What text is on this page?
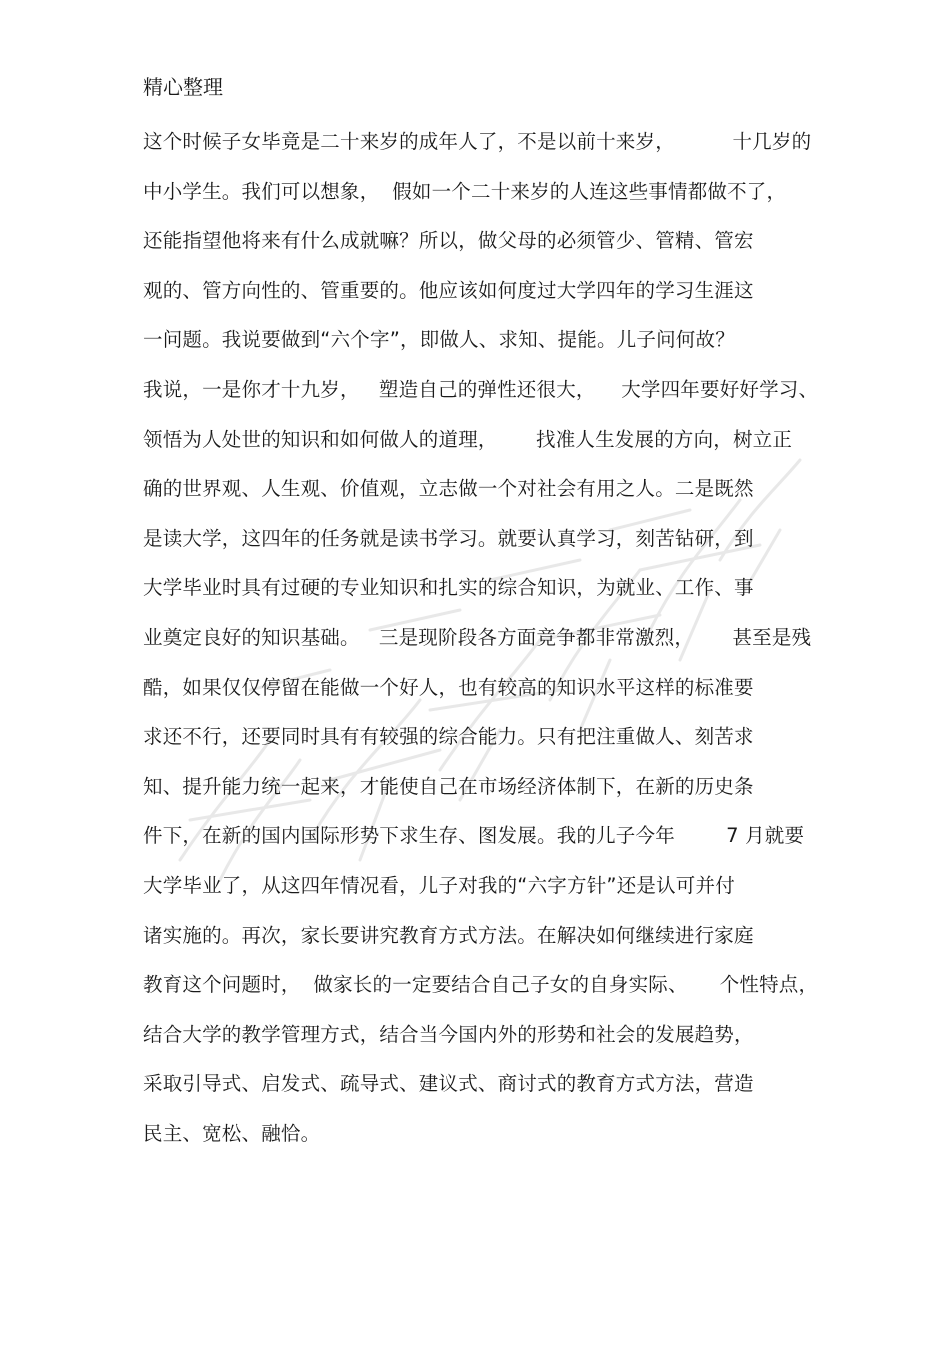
精心整理
这个时候子女毕竟是二十来岁的成年人了，不是以前十来岁，         十几岁的
中小学生。我们可以想象，  假如一个二十来岁的人连这些事情都做不了，
还能指望他将来有什么成就嘛？所以，做父母的必须管少、管精、管宏
观的、管方向性的、管重要的。他应该如何度过大学四年的学习生涯这
一问题。我说要做到“六个字”，即做人、求知、提能。儿子问何故？
我说，一是你才十九岁，   塑造自己的弹性还很大，    大学四年要好好学习、
领悟为人处世的知识和如何做人的道理，      找准人生发展的方向，树立正
确的世界观、人生观、价值观，立志做一个对社会有用之人。二是既然
是读大学，这四年的任务就是读书学习。就要认真学习，刻苦钻研，到
大学毕业时具有过硬的专业知识和扎实的综合知识，为就业、工作、事
业奠定良好的知识基础。   三是现阶段各方面竞争都非常激烈，      甚至是残
酷，如果仅仅停留在能做一个好人，也有较高的知识水平这样的标准要
求还不行，还要同时具有有较强的综合能力。只有把注重做人、刻苦求
知、提升能力统一起来，才能使自己在市场经济体制下，在新的历史条
件下，在新的国内国际形势下求生存、图发展。我的儿子今年        7 月就要
大学毕业了，从这四年情况看，儿子对我的“六字方针”还是认可并付
诸实施的。再次，家长要讲究教育方式方法。在解决如何继续进行家庭
教育这个问题时，  做家长的一定要结合自己子女的自身实际、     个性特点，
结合大学的教学管理方式，结合当今国内外的形势和社会的发展趋势，
采取引导式、启发式、疏导式、建议式、商讨式的教育方式方法，营造
民主、宽松、融恰。
